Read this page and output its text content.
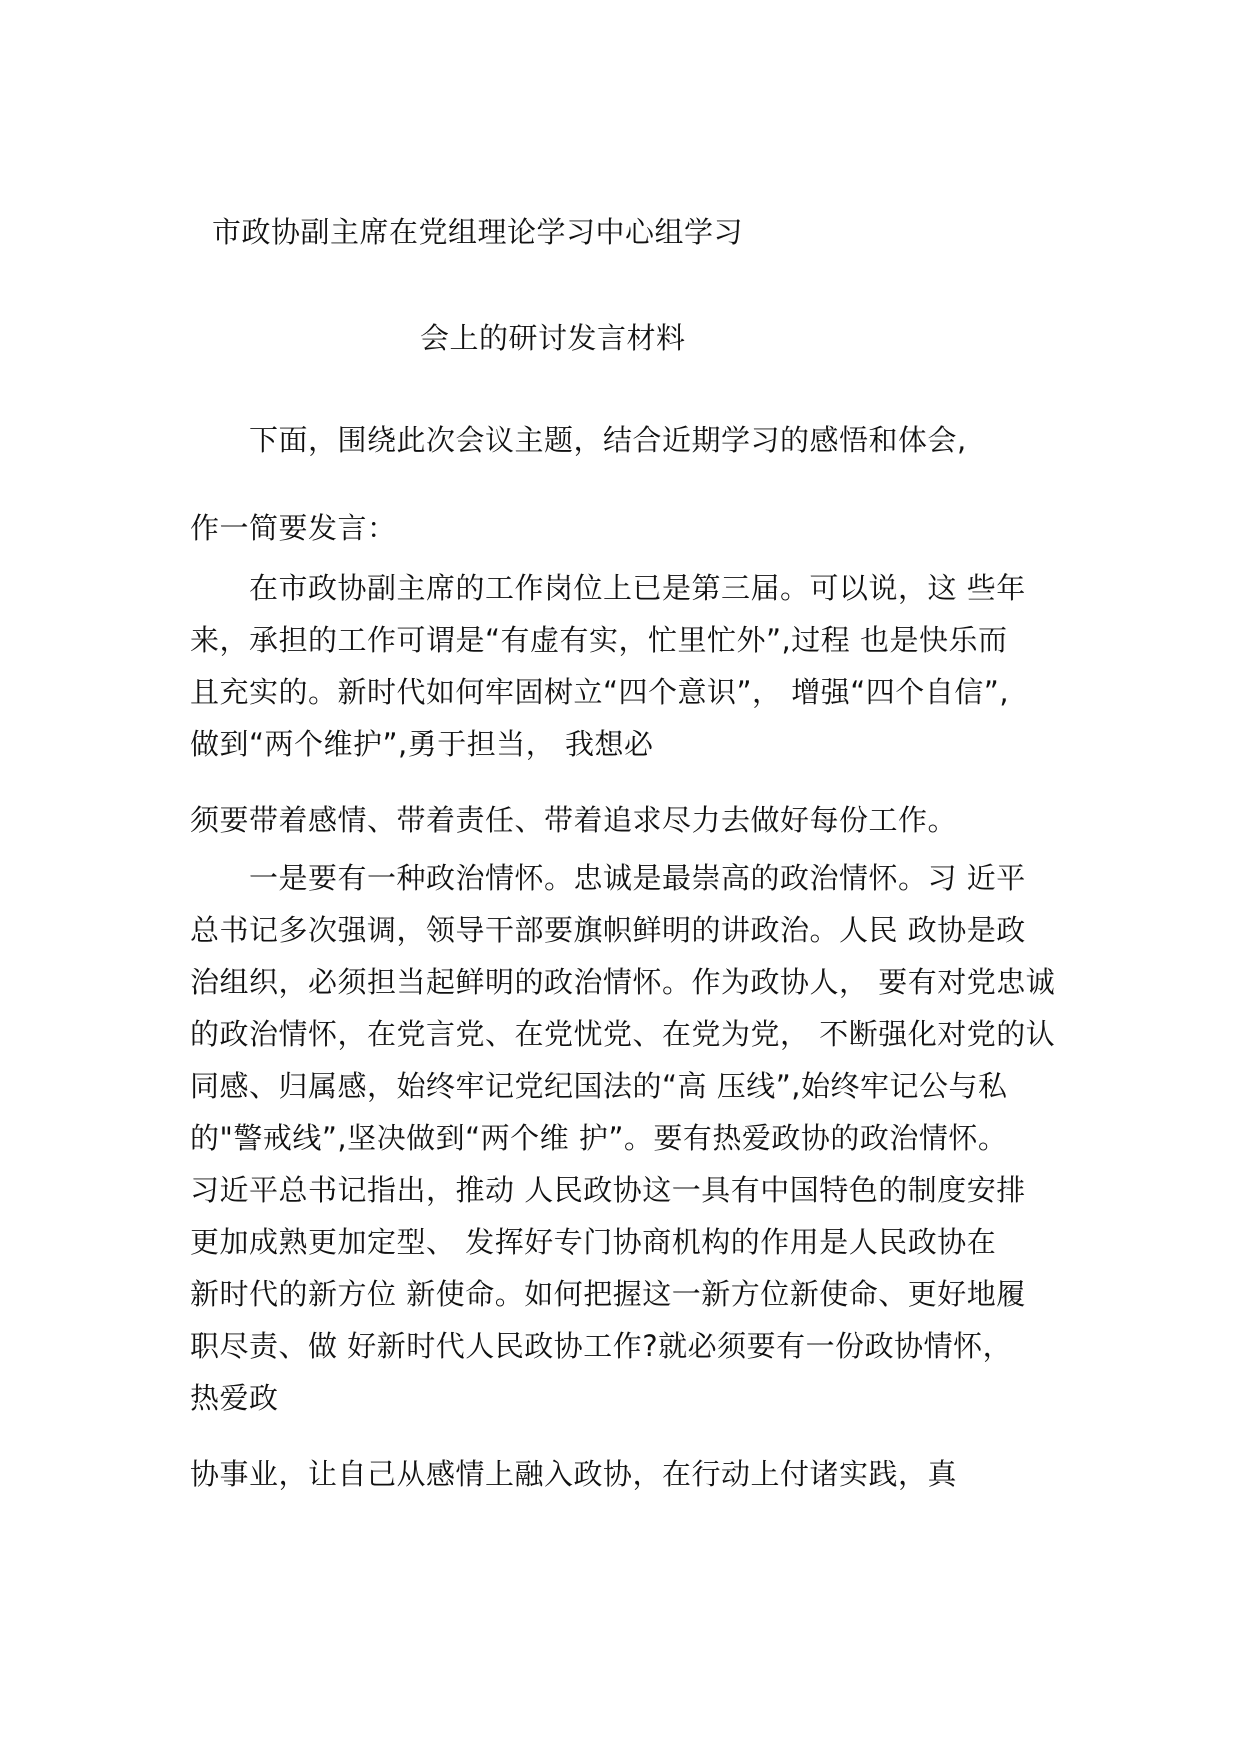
市政协副主席在党组理论学习中心组学习
会上的研讨发言材料
　　下面，围绕此次会议主题，结合近期学习的感悟和体会,
作一简要发言：
　　在市政协副主席的工作岗位上已是第三届。可以说，这 些年
来，承担的工作可谓是“有虚有实，忙里忙外”,过程 也是快乐而
且充实的。新时代如何牢固树立“四个意识”， 增强“四个自信”,
做到“两个维护”,勇于担当， 我想必
须要带着感情、带着责任、带着追求尽力去做好每份工作。
　　一是要有一种政治情怀。忠诚是最崇高的政治情怀。习 近平
总书记多次强调，领导干部要旗帜鲜明的讲政治。人民 政协是政
治组织，必须担当起鲜明的政治情怀。作为政协人， 要有对党忠诚
的政治情怀，在党言党、在党忧党、在党为党， 不断强化对党的认
同感、归属感，始终牢记党纪国法的“高 压线”,始终牢记公与私
的"警戒线”,坚决做到“两个维 护”。要有热爱政协的政治情怀。
习近平总书记指出，推动 人民政协这一具有中国特色的制度安排
更加成熟更加定型、 发挥好专门协商机构的作用是人民政协在
新时代的新方位 新使命。如何把握这一新方位新使命、更好地履
职尽责、做 好新时代人民政协工作?就必须要有一份政协情怀，
热爱政
协事业，让自己从感情上融入政协，在行动上付诸实践，真
